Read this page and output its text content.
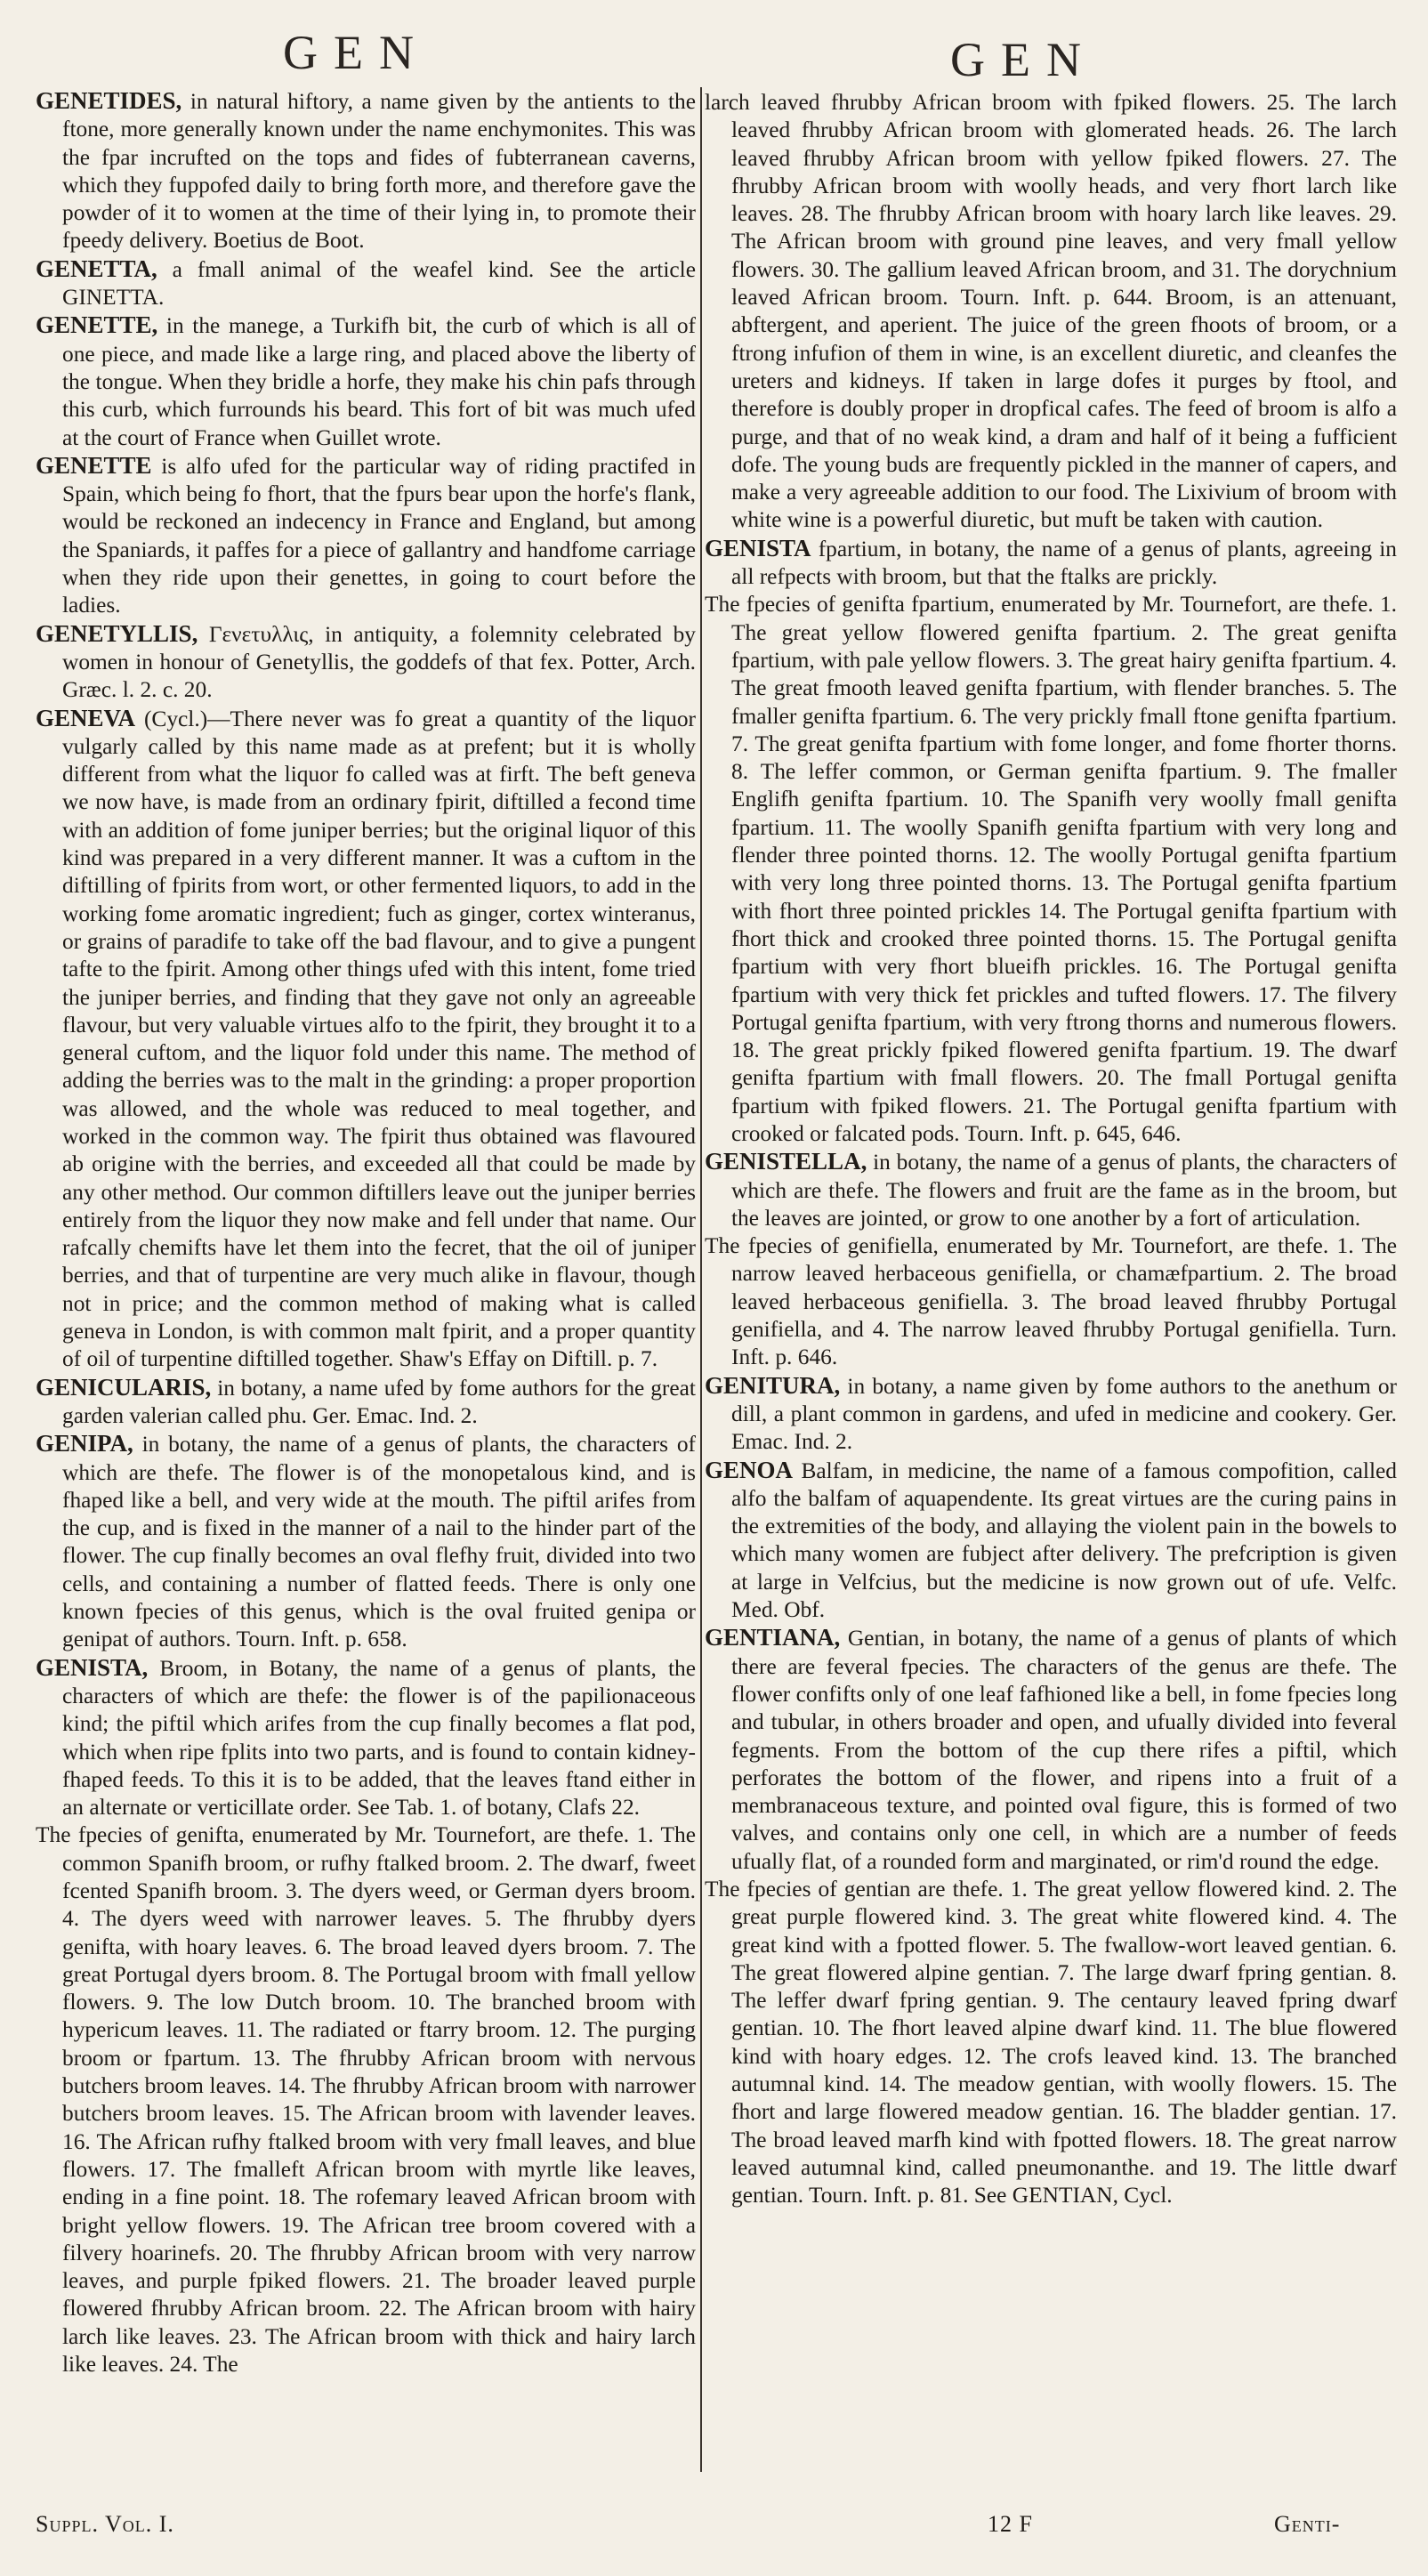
GEN	GEN

GENETIDES, in natural hiftory, a name given by the antients to the ftone, more generally known under the name enchymonites. This was the fpar incrufted on the tops and fides of fubterranean caverns, which they fuppofed daily to bring forth more, and therefore gave the powder of it to women at the time of their lying in, to promote their fpeedy delivery. Boetius de Boot.

GENETTA, a fmall animal of the weafel kind. See the article GINETTA.

GENETTE, in the manege, a Turkifh bit, the curb of which is all of one piece, and made like a large ring, and placed above the liberty of the tongue. When they bridle a horfe, they make his chin pafs through this curb, which furrounds his beard. This fort of bit was much ufed at the court of France when Guillet wrote.

GENETTE is alfo ufed for the particular way of riding practifed in Spain, which being fo fhort, that the fpurs bear upon the horfe's flank, would be reckoned an indecency in France and England, but among the Spaniards, it paffes for a piece of gallantry and handfome carriage when they ride upon their genettes, in going to court before the ladies.

GENETYLLIS, Γενετυλλις, in antiquity, a folemnity celebrated by women in honour of Genetyllis, the goddefs of that fex. Potter, Arch. Græc. l. 2. c. 20.

GENEVA (Cycl.)—There never was fo great a quantity of the liquor vulgarly called by this name made as at prefent; but it is wholly different from what the liquor fo called was at firft. The beft geneva we now have, is made from an ordinary fpirit, diftilled a fecond time with an addition of fome juniper berries; but the original liquor of this kind was prepared in a very different manner. It was a cuftom in the diftilling of fpirits from wort, or other fermented liquors, to add in the working fome aromatic ingredient; fuch as ginger, cortex winteranus, or grains of paradife to take off the bad flavour, and to give a pungent tafte to the fpirit. Among other things ufed with this intent, fome tried the juniper berries, and finding that they gave not only an agreeable flavour, but very valuable virtues alfo to the fpirit, they brought it to a general cuftom, and the liquor fold under this name. The method of adding the berries was to the malt in the grinding: a proper proportion was allowed, and the whole was reduced to meal together, and worked in the common way. The fpirit thus obtained was flavoured ab origine with the berries, and exceeded all that could be made by any other method. Our common diftillers leave out the juniper berries entirely from the liquor they now make and fell under that name. Our rafcally chemifts have let them into the fecret, that the oil of juniper berries, and that of turpentine are very much alike in flavour, though not in price; and the common method of making what is called geneva in London, is with common malt fpirit, and a proper quantity of oil of turpentine diftilled together. Shaw's Effay on Diftill. p. 7.

GENICULARIS, in botany, a name ufed by fome authors for the great garden valerian called phu. Ger. Emac. Ind. 2.

GENIPA, in botany, the name of a genus of plants, the characters of which are thefe. The flower is of the monopetalous kind, and is fhaped like a bell, and very wide at the mouth. The piftil arifes from the cup, and is fixed in the manner of a nail to the hinder part of the flower. The cup finally becomes an oval flefhy fruit, divided into two cells, and containing a number of flatted feeds. There is only one known fpecies of this genus, which is the oval fruited genipa or genipat of authors. Tourn. Inft. p. 658.

GENISTA, Broom, in Botany, the name of a genus of plants, the characters of which are thefe: the flower is of the papilionaceous kind; the piftil which arifes from the cup finally becomes a flat pod, which when ripe fplits into two parts, and is found to contain kidney-fhaped feeds. To this it is to be added, that the leaves ftand either in an alternate or verticillate order. See Tab. 1. of botany, Clafs 22.

The fpecies of genifta, enumerated by Mr. Tournefort, are thefe. 1. The common Spanifh broom, or rufhy ftalked broom. 2. The dwarf, fweet fcented Spanifh broom. 3. The dyers weed, or German dyers broom. 4. The dyers weed with narrower leaves. 5. The fhrubby dyers genifta, with hoary leaves. 6. The broad leaved dyers broom. 7. The great Portugal dyers broom. 8. The Portugal broom with fmall yellow flowers. 9. The low Dutch broom. 10. The branched broom with hypericum leaves. 11. The radiated or ftarry broom. 12. The purging broom or fpartum. 13. The fhrubby African broom with nervous butchers broom leaves. 14. The fhrubby African broom with narrower butchers broom leaves. 15. The African broom with lavender leaves. 16. The African rufhy ftalked broom with very fmall leaves, and blue flowers. 17. The fmalleft African broom with myrtle like leaves, ending in a fine point. 18. The rofemary leaved African broom with bright yellow flowers. 19. The African tree broom covered with a filvery hoarinefs. 20. The fhrubby African broom with very narrow leaves, and purple fpiked flowers. 21. The broader leaved purple flowered fhrubby African broom. 22. The African broom with hairy larch like leaves. 23. The African broom with thick and hairy larch like leaves. 24. The

larch leaved fhrubby African broom with fpiked flowers. 25. The larch leaved fhrubby African broom with glomerated heads. 26. The larch leaved fhrubby African broom with yellow fpiked flowers. 27. The fhrubby African broom with woolly heads, and very fhort larch like leaves. 28. The fhrubby African broom with hoary larch like leaves. 29. The African broom with ground pine leaves, and very fmall yellow flowers. 30. The gallium leaved African broom, and 31. The dorychnium leaved African broom. Tourn. Inft. p. 644. Broom, is an attenuant, abftergent, and aperient. The juice of the green fhoots of broom, or a ftrong infufion of them in wine, is an excellent diuretic, and cleanfes the ureters and kidneys. If taken in large dofes it purges by ftool, and therefore is doubly proper in dropfical cafes. The feed of broom is alfo a purge, and that of no weak kind, a dram and half of it being a fufficient dofe. The young buds are frequently pickled in the manner of capers, and make a very agreeable addition to our food. The Lixivium of broom with white wine is a powerful diuretic, but muft be taken with caution.

GENISTA fpartium, in botany, the name of a genus of plants, agreeing in all refpects with broom, but that the ftalks are prickly.

The fpecies of genifta fpartium, enumerated by Mr. Tournefort, are thefe. 1. The great yellow flowered genifta fpartium. 2. The great genifta fpartium, with pale yellow flowers. 3. The great hairy genifta fpartium. 4. The great fmooth leaved genifta fpartium, with flender branches. 5. The fmaller genifta fpartium. 6. The very prickly fmall ftone genifta fpartium. 7. The great genifta fpartium with fome longer, and fome fhorter thorns. 8. The leffer common, or German genifta fpartium. 9. The fmaller Englifh genifta fpartium. 10. The Spanifh very woolly fmall genifta fpartium. 11. The woolly Spanifh genifta fpartium with very long and flender three pointed thorns. 12. The woolly Portugal genifta fpartium with very long three pointed thorns. 13. The Portugal genifta fpartium with fhort three pointed prickles 14. The Portugal genifta fpartium with fhort thick and crooked three pointed thorns. 15. The Portugal genifta fpartium with very fhort blueifh prickles. 16. The Portugal genifta fpartium with very thick fet prickles and tufted flowers. 17. The filvery Portugal genifta fpartium, with very ftrong thorns and numerous flowers. 18. The great prickly fpiked flowered genifta fpartium. 19. The dwarf genifta fpartium with fmall flowers. 20. The fmall Portugal genifta fpartium with fpiked flowers. 21. The Portugal genifta fpartium with crooked or falcated pods. Tourn. Inft. p. 645, 646.

GENISTELLA, in botany, the name of a genus of plants, the characters of which are thefe. The flowers and fruit are the fame as in the broom, but the leaves are jointed, or grow to one another by a fort of articulation.

The fpecies of genifiella, enumerated by Mr. Tournefort, are thefe. 1. The narrow leaved herbaceous genifiella, or chamæfpartium. 2. The broad leaved herbaceous genifiella. 3. The broad leaved fhrubby Portugal genifiella, and 4. The narrow leaved fhrubby Portugal genifiella. Turn. Inft. p. 646.

GENITURA, in botany, a name given by fome authors to the anethum or dill, a plant common in gardens, and ufed in medicine and cookery. Ger. Emac. Ind. 2.

GENOA Balfam, in medicine, the name of a famous compofition, called alfo the balfam of aquapendente. Its great virtues are the curing pains in the extremities of the body, and allaying the violent pain in the bowels to which many women are fubject after delivery. The prefcription is given at large in Velfcius, but the medicine is now grown out of ufe. Velfc. Med. Obf.

GENTIANA, Gentian, in botany, the name of a genus of plants of which there are feveral fpecies. The characters of the genus are thefe. The flower confifts only of one leaf fafhioned like a bell, in fome fpecies long and tubular, in others broader and open, and ufually divided into feveral fegments. From the bottom of the cup there rifes a piftil, which perforates the bottom of the flower, and ripens into a fruit of a membranaceous texture, and pointed oval figure, this is formed of two valves, and contains only one cell, in which are a number of feeds ufually flat, of a rounded form and marginated, or rim'd round the edge.

The fpecies of gentian are thefe. 1. The great yellow flowered kind. 2. The great purple flowered kind. 3. The great white flowered kind. 4. The great kind with a fpotted flower. 5. The fwallow-wort leaved gentian. 6. The great flowered alpine gentian. 7. The large dwarf fpring gentian. 8. The leffer dwarf fpring gentian. 9. The centaury leaved fpring dwarf gentian. 10. The fhort leaved alpine dwarf kind. 11. The blue flowered kind with hoary edges. 12. The crofs leaved kind. 13. The branched autumnal kind. 14. The meadow gentian, with woolly flowers. 15. The fhort and large flowered meadow gentian. 16. The bladder gentian. 17. The broad leaved marfh kind with fpotted flowers. 18. The great narrow leaved autumnal kind, called pneumonanthe. and 19. The little dwarf gentian. Tourn. Inft. p. 81. See GENTIAN, Cycl.

Suppl. Vol. I.	12 F	Genti-
